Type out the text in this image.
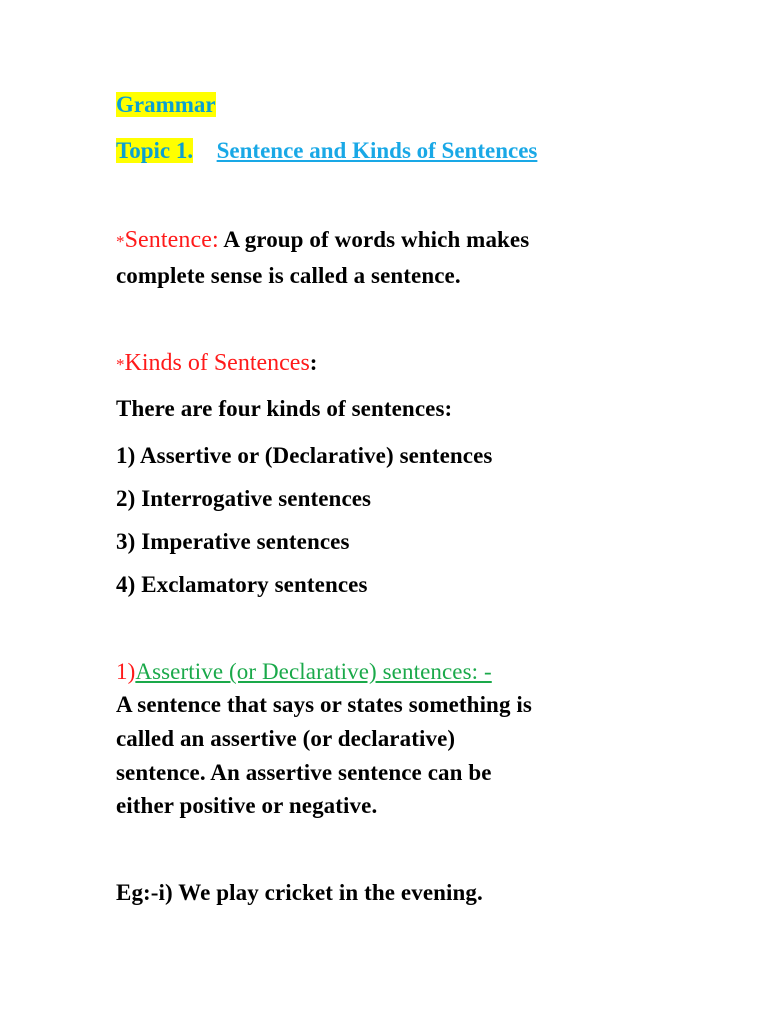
Grammar
Topic 1. Sentence and Kinds of Sentences
*Sentence: A group of words which makes
complete sense is called a sentence.
*Kinds of Sentences:
There are four kinds of sentences:
1) Assertive or (Declarative) sentences
2) Interrogative sentences
3) Imperative sentences
4) Exclamatory sentences
1)Assertive (or Declarative) sentences: -
A sentence that says or states something is
called an assertive (or declarative)
sentence. An assertive sentence can be
either positive or negative.
Eg:-i) We play cricket in the evening.
